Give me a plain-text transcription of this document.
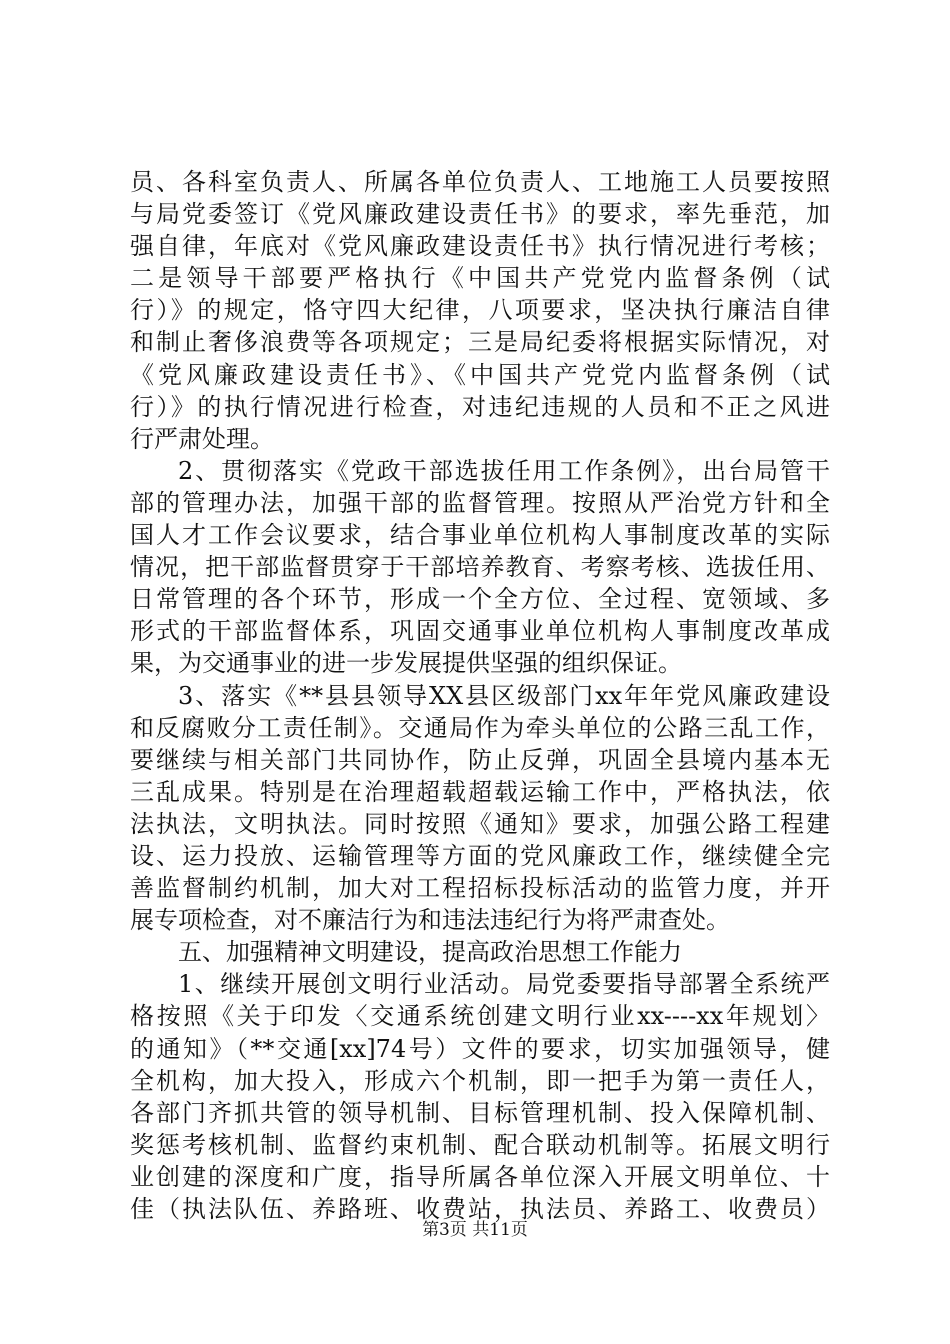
员、各科室负责人、所属各单位负责人、工地施工人员要按照
与局党委签订《党风廉政建设责任书》的要求，率先垂范，加
强自律，年底对《党风廉政建设责任书》执行情况进行考核；
二是领导干部要严格执行《中国共产党党内监督条例（试
行）》的规定，恪守四大纪律，八项要求，坚决执行廉洁自律
和制止奢侈浪费等各项规定；三是局纪委将根据实际情况，对
《党风廉政建设责任书》、《中国共产党党内监督条例（试
行）》的执行情况进行检查，对违纪违规的人员和不正之风进
行严肃处理。
2、贯彻落实《党政干部选拔任用工作条例》，出台局管干
部的管理办法，加强干部的监督管理。按照从严治党方针和全
国人才工作会议要求，结合事业单位机构人事制度改革的实际
情况，把干部监督贯穿于干部培养教育、考察考核、选拔任用、
日常管理的各个环节，形成一个全方位、全过程、宽领域、多
形式的干部监督体系，巩固交通事业单位机构人事制度改革成
果，为交通事业的进一步发展提供坚强的组织保证。
3、落实《**县县领导XX县区级部门xx年年党风廉政建设
和反腐败分工责任制》。交通局作为牵头单位的公路三乱工作，
要继续与相关部门共同协作，防止反弹，巩固全县境内基本无
三乱成果。特别是在治理超载超载运输工作中，严格执法，依
法执法，文明执法。同时按照《通知》要求，加强公路工程建
设、运力投放、运输管理等方面的党风廉政工作，继续健全完
善监督制约机制，加大对工程招标投标活动的监管力度，并开
展专项检查，对不廉洁行为和违法违纪行为将严肃查处。
五、加强精神文明建设，提高政治思想工作能力
1、继续开展创文明行业活动。局党委要指导部署全系统严
格按照《关于印发〈交通系统创建文明行业xx----xx年规划〉
的通知》（**交通[xx]74号）文件的要求，切实加强领导，健
全机构，加大投入，形成六个机制，即一把手为第一责任人，
各部门齐抓共管的领导机制、目标管理机制、投入保障机制、
奖惩考核机制、监督约束机制、配合联动机制等。拓展文明行
业创建的深度和广度，指导所属各单位深入开展文明单位、十
佳（执法队伍、养路班、收费站，执法员、养路工、收费员）
第3页 共11页
